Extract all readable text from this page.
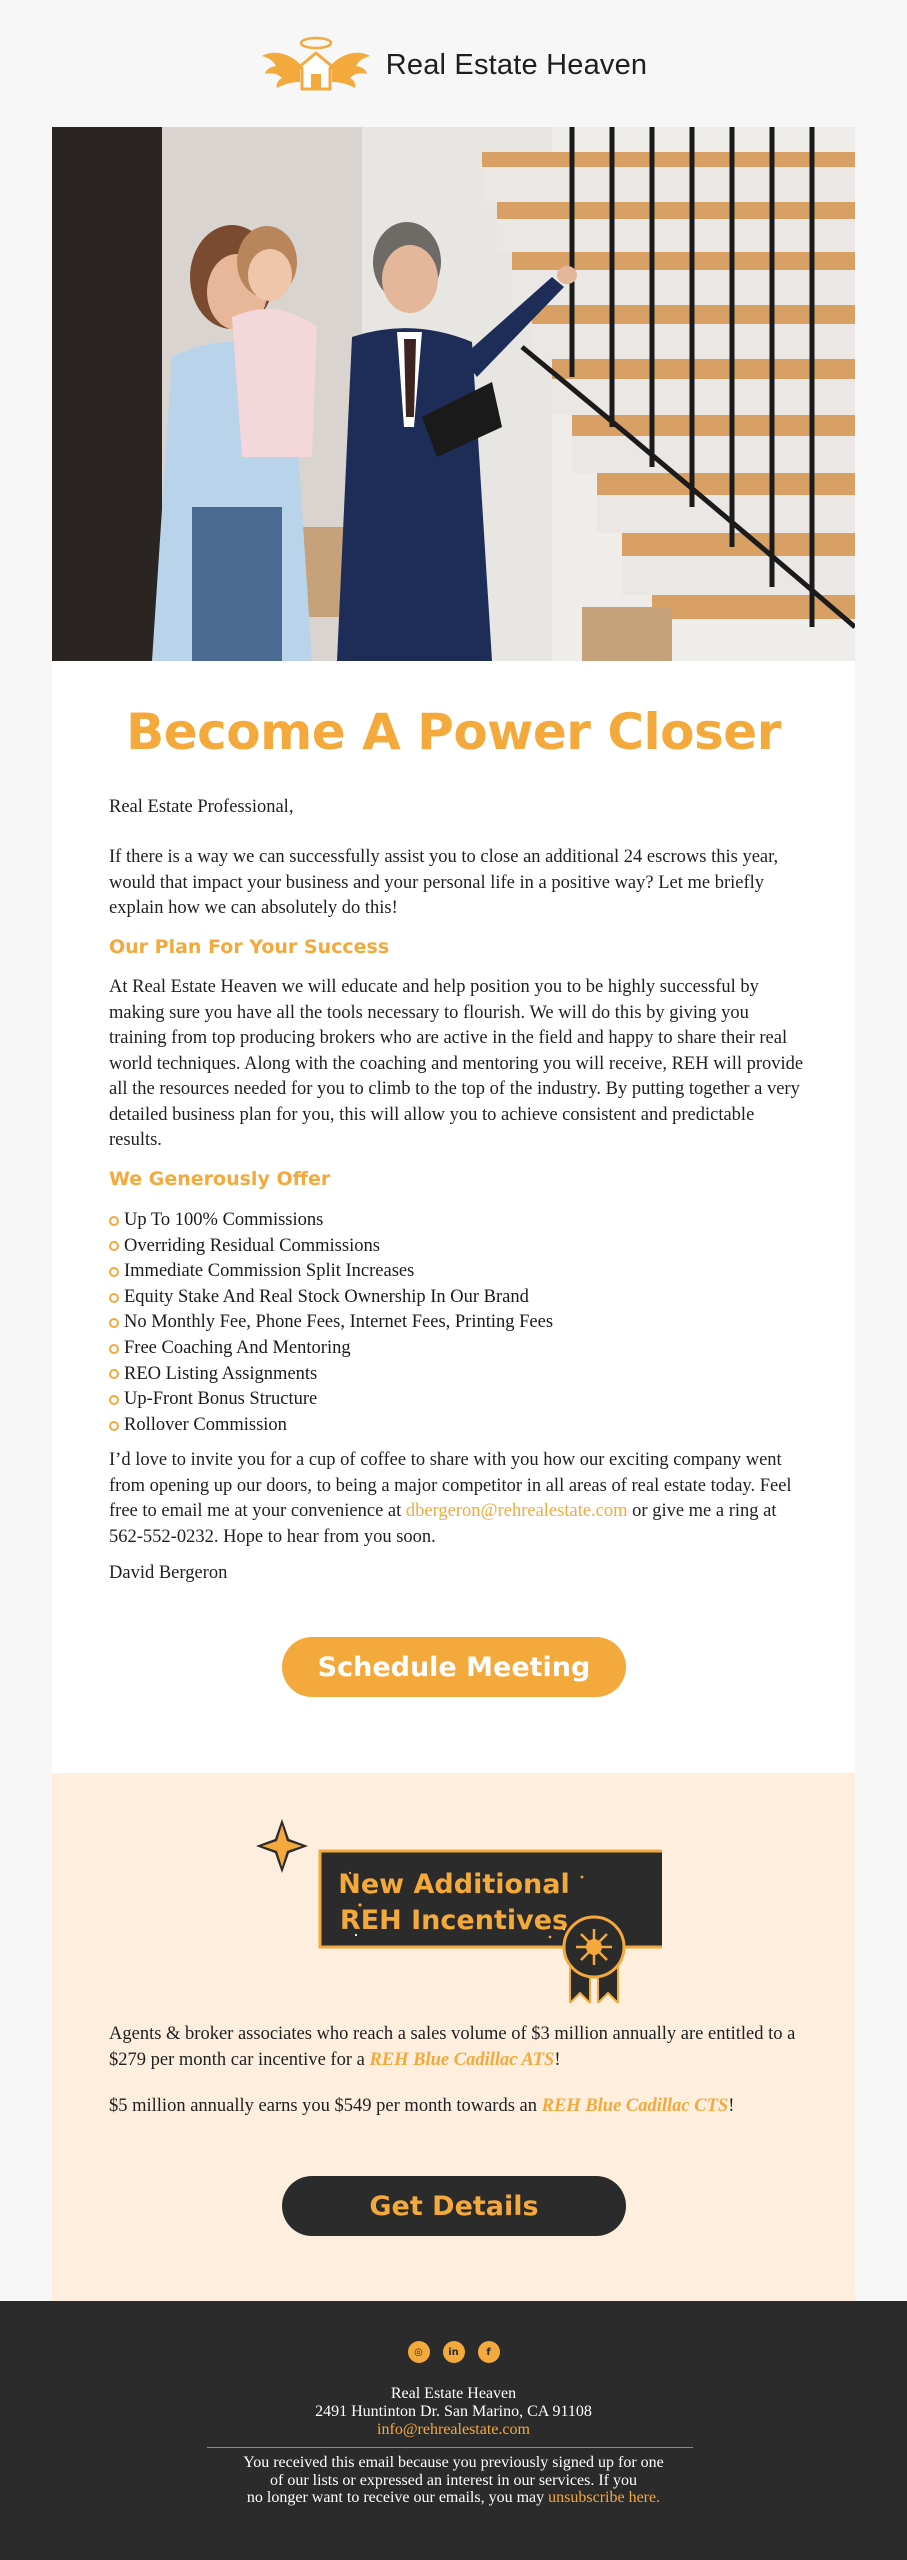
Real Estate Heaven
Become A Power Closer

Real Estate Professional,

If there is a way we can successfully assist you to close an additional 24 escrows this year, would that impact your business and your personal life in a positive way? Let me briefly explain how we can absolutely do this!

Our Plan For Your Success

At Real Estate Heaven we will educate and help position you to be highly successful by making sure you have all the tools necessary to flourish. We will do this by giving you training from top producing brokers who are active in the field and happy to share their real world techniques. Along with the coaching and mentoring you will receive, REH will provide all the resources needed for you to climb to the top of the industry. By putting together a very detailed business plan for you, this will allow you to achieve consistent and predictable results.

We Generously Offer
Up To 100% Commissions
Overriding Residual Commissions
Immediate Commission Split Increases
Equity Stake And Real Stock Ownership In Our Brand
No Monthly Fee, Phone Fees, Internet Fees, Printing Fees
Free Coaching And Mentoring
REO Listing Assignments
Up-Front Bonus Structure
Rollover Commission

I’d love to invite you for a cup of coffee to share with you how our exciting company went from opening up our doors, to being a major competitor in all areas of real estate today. Feel free to email me at your convenience at dbergeron@rehrealestate.com or give me a ring at 562-552-0232. Hope to hear from you soon.

David Bergeron

Schedule Meeting
New Additional
REH Incentives

Agents & broker associates who reach a sales volume of $3 million annually are entitled to a $279 per month car incentive for a REH Blue Cadillac ATS!

$5 million annually earns you $549 per month towards an REH Blue Cadillac CTS!

Get Details
◎	in	f
Real Estate Heaven
2491 Huntinton Dr. San Marino, CA 91108
info@rehrealestate.com
You received this email because you previously signed up for one
of our lists or expressed an interest in our services. If you
no longer want to receive our emails, you may unsubscribe here.
